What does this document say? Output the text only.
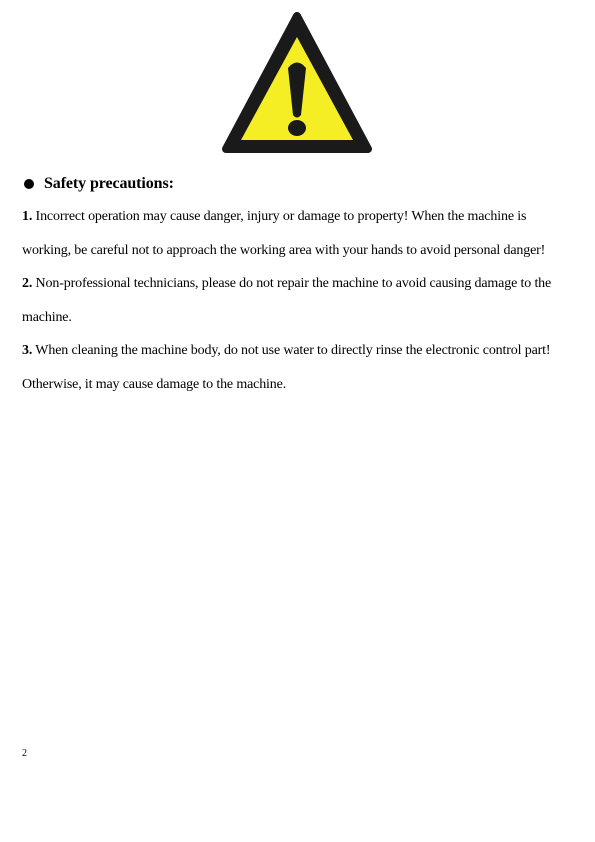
Safety precautions:

1. Incorrect operation may cause danger, injury or damage to property! When the machine is working, be careful not to approach the working area with your hands to avoid personal danger!

2. Non-professional technicians, please do not repair the machine to avoid causing damage to the machine.

3. When cleaning the machine body, do not use water to directly rinse the electronic control part! Otherwise, it may cause damage to the machine.

2
